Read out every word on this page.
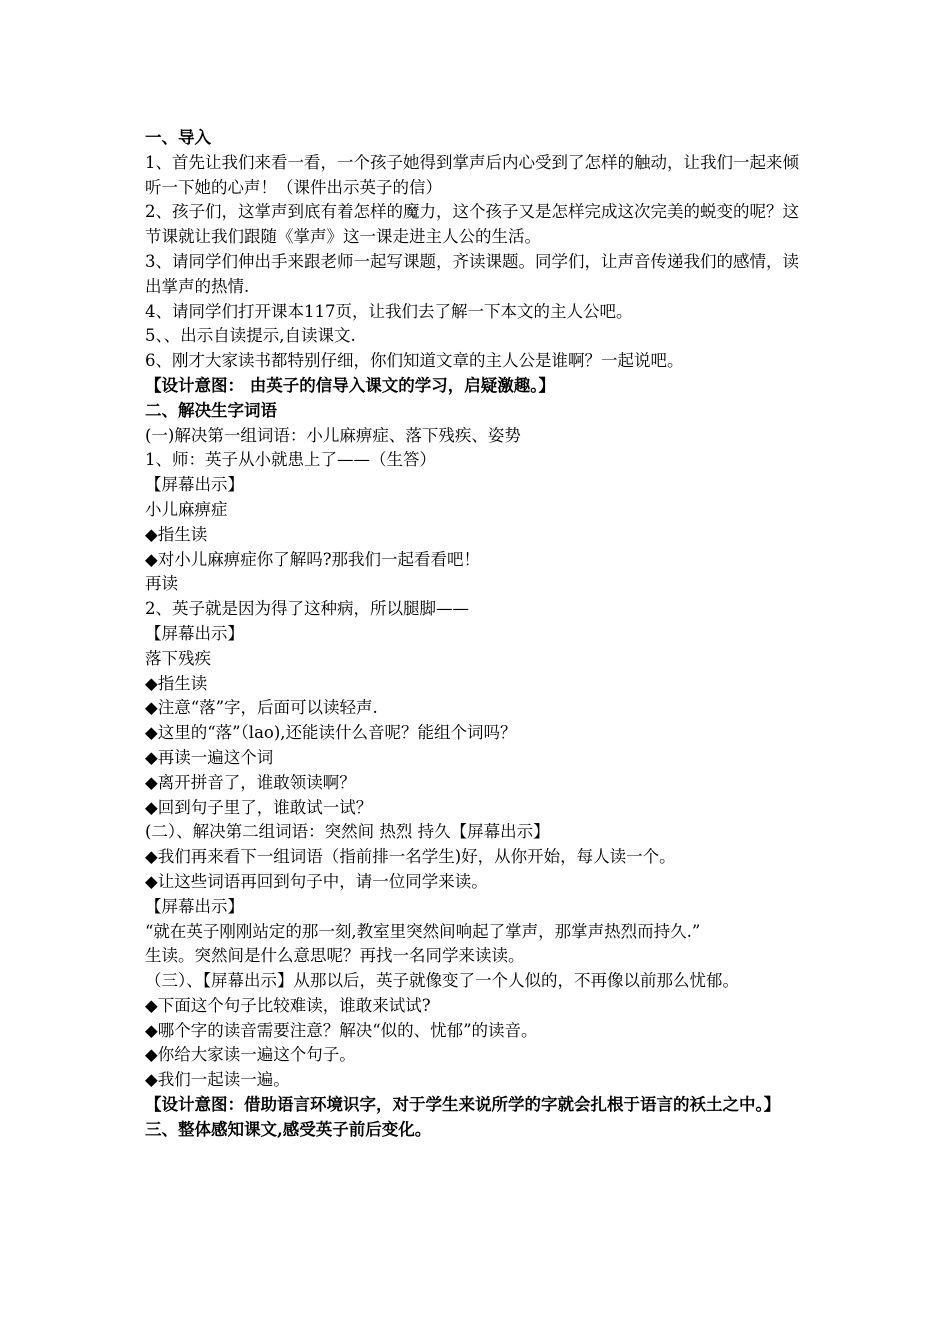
一、导入

1、首先让我们来看一看，一个孩子她得到掌声后内心受到了怎样的触动，让我们一起来倾听一下她的心声！（课件出示英子的信）

2、孩子们，这掌声到底有着怎样的魔力，这个孩子又是怎样完成这次完美的蜕变的呢？这节课就让我们跟随《掌声》这一课走进主人公的生活。

3、请同学们伸出手来跟老师一起写课题，齐读课题。同学们，让声音传递我们的感情，读出掌声的热情.

4、请同学们打开课本117页，让我们去了解一下本文的主人公吧。

5、、出示自读提示,自读课文.

6、刚才大家读书都特别仔细，你们知道文章的主人公是谁啊？一起说吧。

【设计意图： 由英子的信导入课文的学习，启疑激趣。】

二、解决生字词语

(一)解决第一组词语：小儿麻痹症、落下残疾、姿势

1、师：英子从小就患上了——（生答）

【屏幕出示】

小儿麻痹症

◆指生读

◆对小儿麻痹症你了解吗?那我们一起看看吧！

再读

2、英子就是因为得了这种病，所以腿脚——

【屏幕出示】

落下残疾

◆指生读

◆注意“落”字，后面可以读轻声.

◆这里的“落”（lao),还能读什么音呢？能组个词吗？

◆再读一遍这个词

◆离开拼音了，谁敢领读啊？

◆回到句子里了，谁敢试一试？

(二）、解决第二组词语：突然间 热烈 持久【屏幕出示】

◆我们再来看下一组词语（指前排一名学生)好，从你开始，每人读一个。

◆让这些词语再回到句子中，请一位同学来读。

【屏幕出示】

“就在英子刚刚站定的那一刻,教室里突然间响起了掌声，那掌声热烈而持久.”

生读。突然间是什么意思呢？再找一名同学来读读。

（三）、【屏幕出示】从那以后，英子就像变了一个人似的，不再像以前那么忧郁。

◆下面这个句子比较难读，谁敢来试试?

◆哪个字的读音需要注意？解决“似的、忧郁”的读音。

◆你给大家读一遍这个句子。

◆我们一起读一遍。

【设计意图：借助语言环境识字，对于学生来说所学的字就会扎根于语言的袄土之中。】

三、整体感知课文,感受英子前后变化。
